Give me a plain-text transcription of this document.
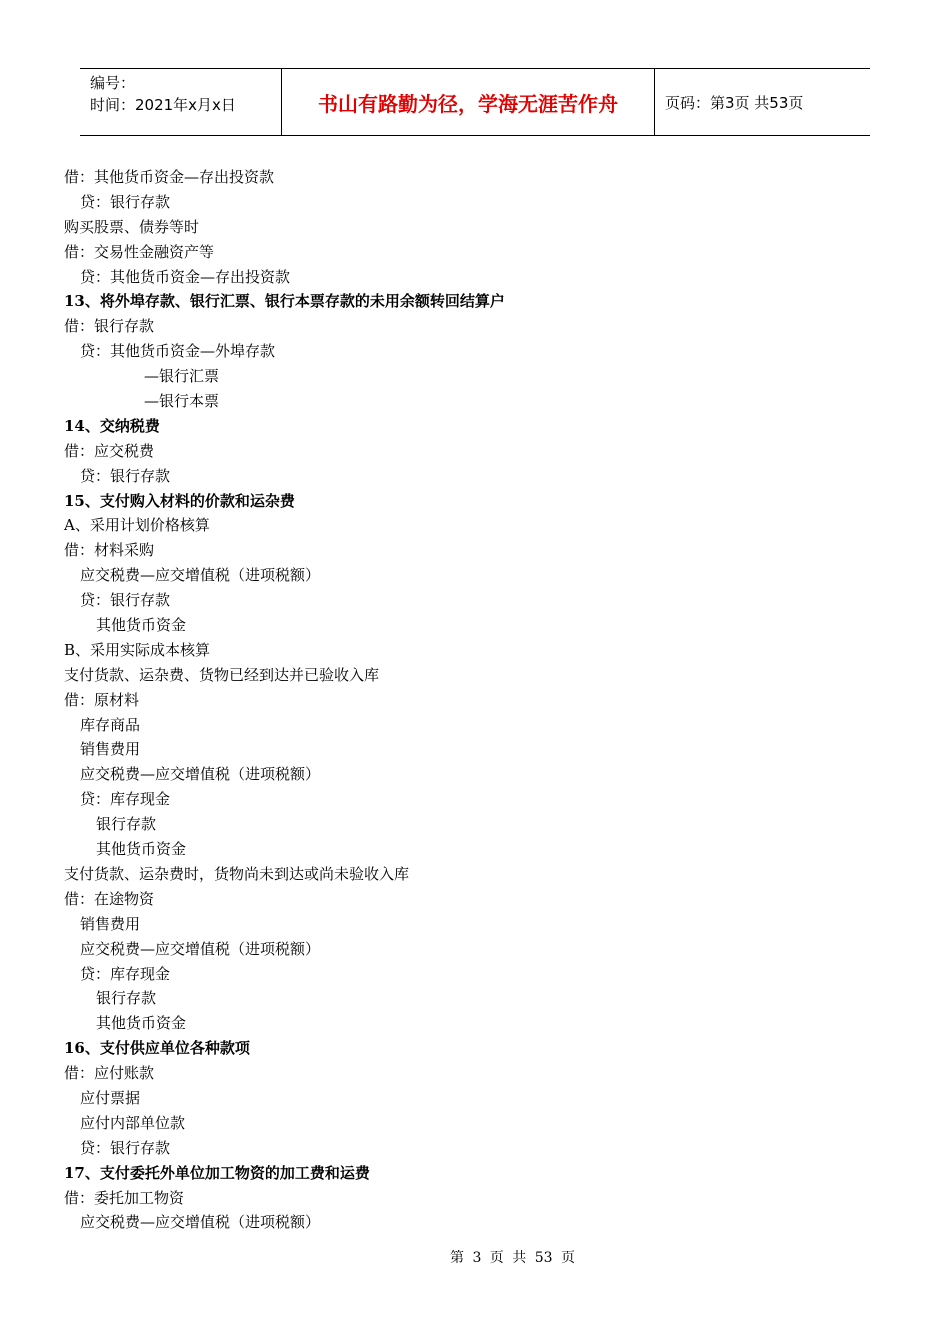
编号：
时间：2021年x月x日	书山有路勤为径，学海无涯苦作舟	页码：第3页 共53页
借：其他货币资金—存出投资款
贷：银行存款
购买股票、债券等时
借：交易性金融资产等
贷：其他货币资金—存出投资款
13、将外埠存款、银行汇票、银行本票存款的未用余额转回结算户
借：银行存款
贷：其他货币资金—外埠存款
—银行汇票
—银行本票
14、交纳税费
借：应交税费
贷：银行存款
15、支付购入材料的价款和运杂费
A、采用计划价格核算
借：材料采购
应交税费—应交增值税（进项税额）
贷：银行存款
其他货币资金
B、采用实际成本核算
支付货款、运杂费、货物已经到达并已验收入库
借：原材料
库存商品
销售费用
应交税费—应交增值税（进项税额）
贷：库存现金
银行存款
其他货币资金
支付货款、运杂费时，货物尚未到达或尚未验收入库
借：在途物资
销售费用
应交税费—应交增值税（进项税额）
贷：库存现金
银行存款
其他货币资金
16、支付供应单位各种款项
借：应付账款
应付票据
应付内部单位款
贷：银行存款
17、支付委托外单位加工物资的加工费和运费
借：委托加工物资
应交税费—应交增值税（进项税额）
第 3 页 共 53 页
